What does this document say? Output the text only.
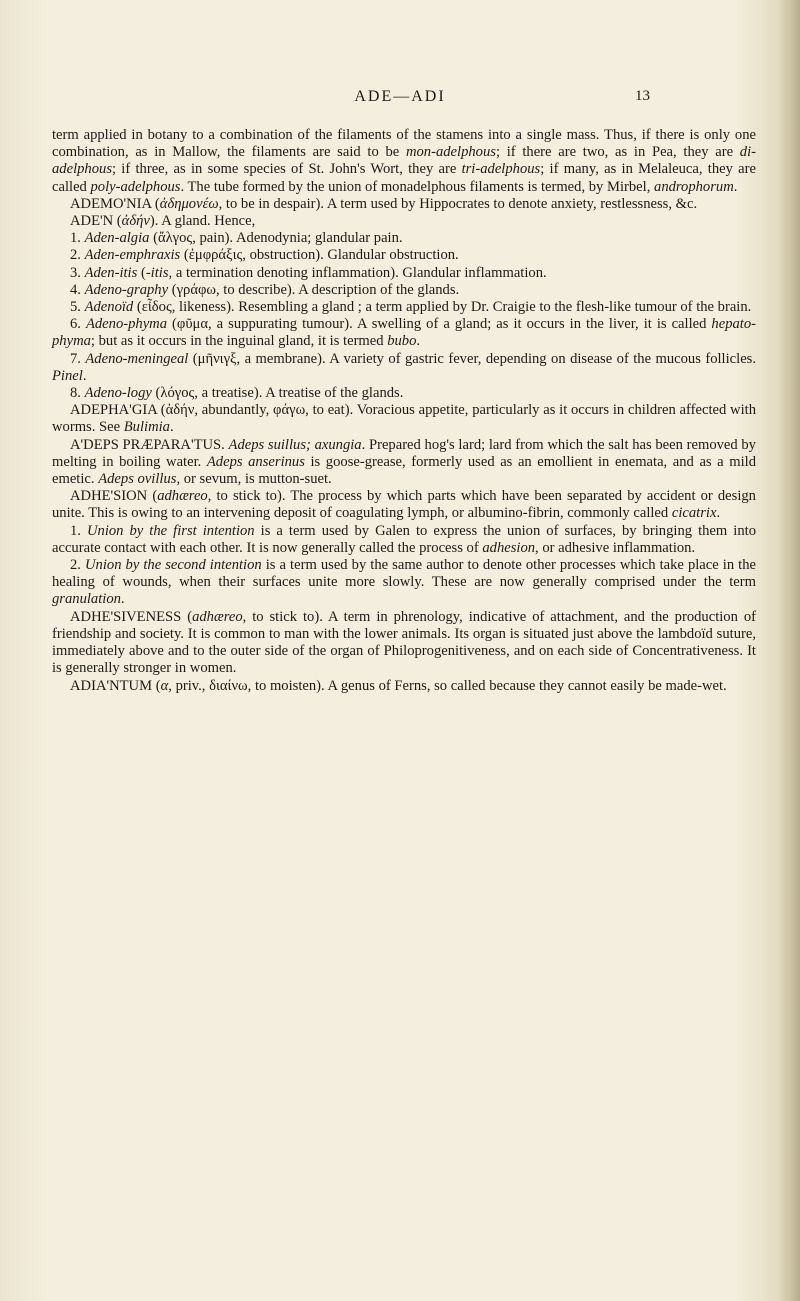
ADE—ADI	13

term applied in botany to a combination of the filaments of the stamens into a single mass. Thus, if there is only one combination, as in Mallow, the filaments are said to be mon-adelphous; if there are two, as in Pea, they are di-adelphous; if three, as in some species of St. John's Wort, they are tri-adelphous; if many, as in Melaleuca, they are called poly-adelphous. The tube formed by the union of monadelphous filaments is termed, by Mirbel, androphorum.

ADEMO'NIA (ἀδημονέω, to be in despair). A term used by Hippocrates to denote anxiety, restlessness, &c.

ADE'N (ἀδήν). A gland. Hence,

1. Aden-algia (ἄλγος, pain). Adenodynia; glandular pain.

2. Aden-emphraxis (ἐμφράξις, obstruction). Glandular obstruction.

3. Aden-itis (-itis, a termination denoting inflammation). Glandular inflammation.

4. Adeno-graphy (γράφω, to describe). A description of the glands.

5. Adenoïd (εἶδος, likeness). Resembling a gland ; a term applied by Dr. Craigie to the flesh-like tumour of the brain.

6. Adeno-phyma (φῦμα, a suppurating tumour). A swelling of a gland; as it occurs in the liver, it is called hepato-phyma; but as it occurs in the inguinal gland, it is termed bubo.

7. Adeno-meningeal (μῆνιγξ, a membrane). A variety of gastric fever, depending on disease of the mucous follicles. Pinel.

8. Adeno-logy (λόγος, a treatise). A treatise of the glands.

ADEPHA'GIA (ἀδήν, abundantly, φάγω, to eat). Voracious appetite, particularly as it occurs in children affected with worms. See Bulimia.

A'DEPS PRÆPARA'TUS. Adeps suillus; axungia. Prepared hog's lard; lard from which the salt has been removed by melting in boiling water. Adeps anserinus is goose-grease, formerly used as an emollient in enemata, and as a mild emetic. Adeps ovillus, or sevum, is mutton-suet.

ADHE'SION (adhæreo, to stick to). The process by which parts which have been separated by accident or design unite. This is owing to an intervening deposit of coagulating lymph, or albumino-fibrin, commonly called cicatrix.

1. Union by the first intention is a term used by Galen to express the union of surfaces, by bringing them into accurate contact with each other. It is now generally called the process of adhesion, or adhesive inflammation.

2. Union by the second intention is a term used by the same author to denote other processes which take place in the healing of wounds, when their surfaces unite more slowly. These are now generally comprised under the term granulation.

ADHE'SIVENESS (adhæreo, to stick to). A term in phrenology, indicative of attachment, and the production of friendship and society. It is common to man with the lower animals. Its organ is situated just above the lambdoïd suture, immediately above and to the outer side of the organ of Philoprogenitiveness, and on each side of Concentrativeness. It is generally stronger in women.

ADIA'NTUM (α, priv., διαίνω, to moisten). A genus of Ferns, so called because they cannot easily be made-wet.
